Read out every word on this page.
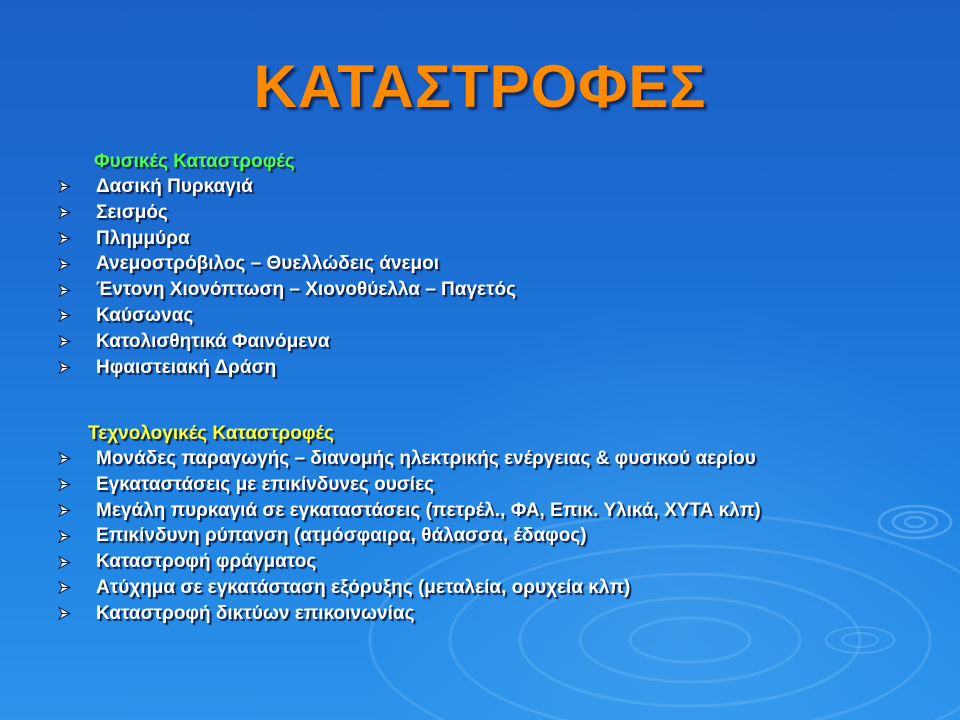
ΚΑΤΑΣΤΡΟΦΕΣ
Φυσικές Καταστροφές
Δασική Πυρκαγιά
Σεισμός
Πλημμύρα
Ανεμοστρόβιλος – Θυελλώδεις άνεμοι
Έντονη Χιονόπτωση – Χιονοθύελλα – Παγετός
Καύσωνας
Κατολισθητικά Φαινόμενα
Ηφαιστειακή Δράση
Τεχνολογικές Καταστροφές
Μονάδες παραγωγής – διανομής ηλεκτρικής ενέργειας & φυσικού αερίου
Εγκαταστάσεις με επικίνδυνες ουσίες
Μεγάλη πυρκαγιά σε εγκαταστάσεις (πετρέλ., ΦΑ, Επικ. Υλικά, ΧΥΤΑ κλπ)
Επικίνδυνη ρύπανση (ατμόσφαιρα, θάλασσα, έδαφος)
Καταστροφή φράγματος
Ατύχημα σε εγκατάσταση εξόρυξης (μεταλεία, ορυχεία κλπ)
Καταστροφή δικτύων επικοινωνίας
